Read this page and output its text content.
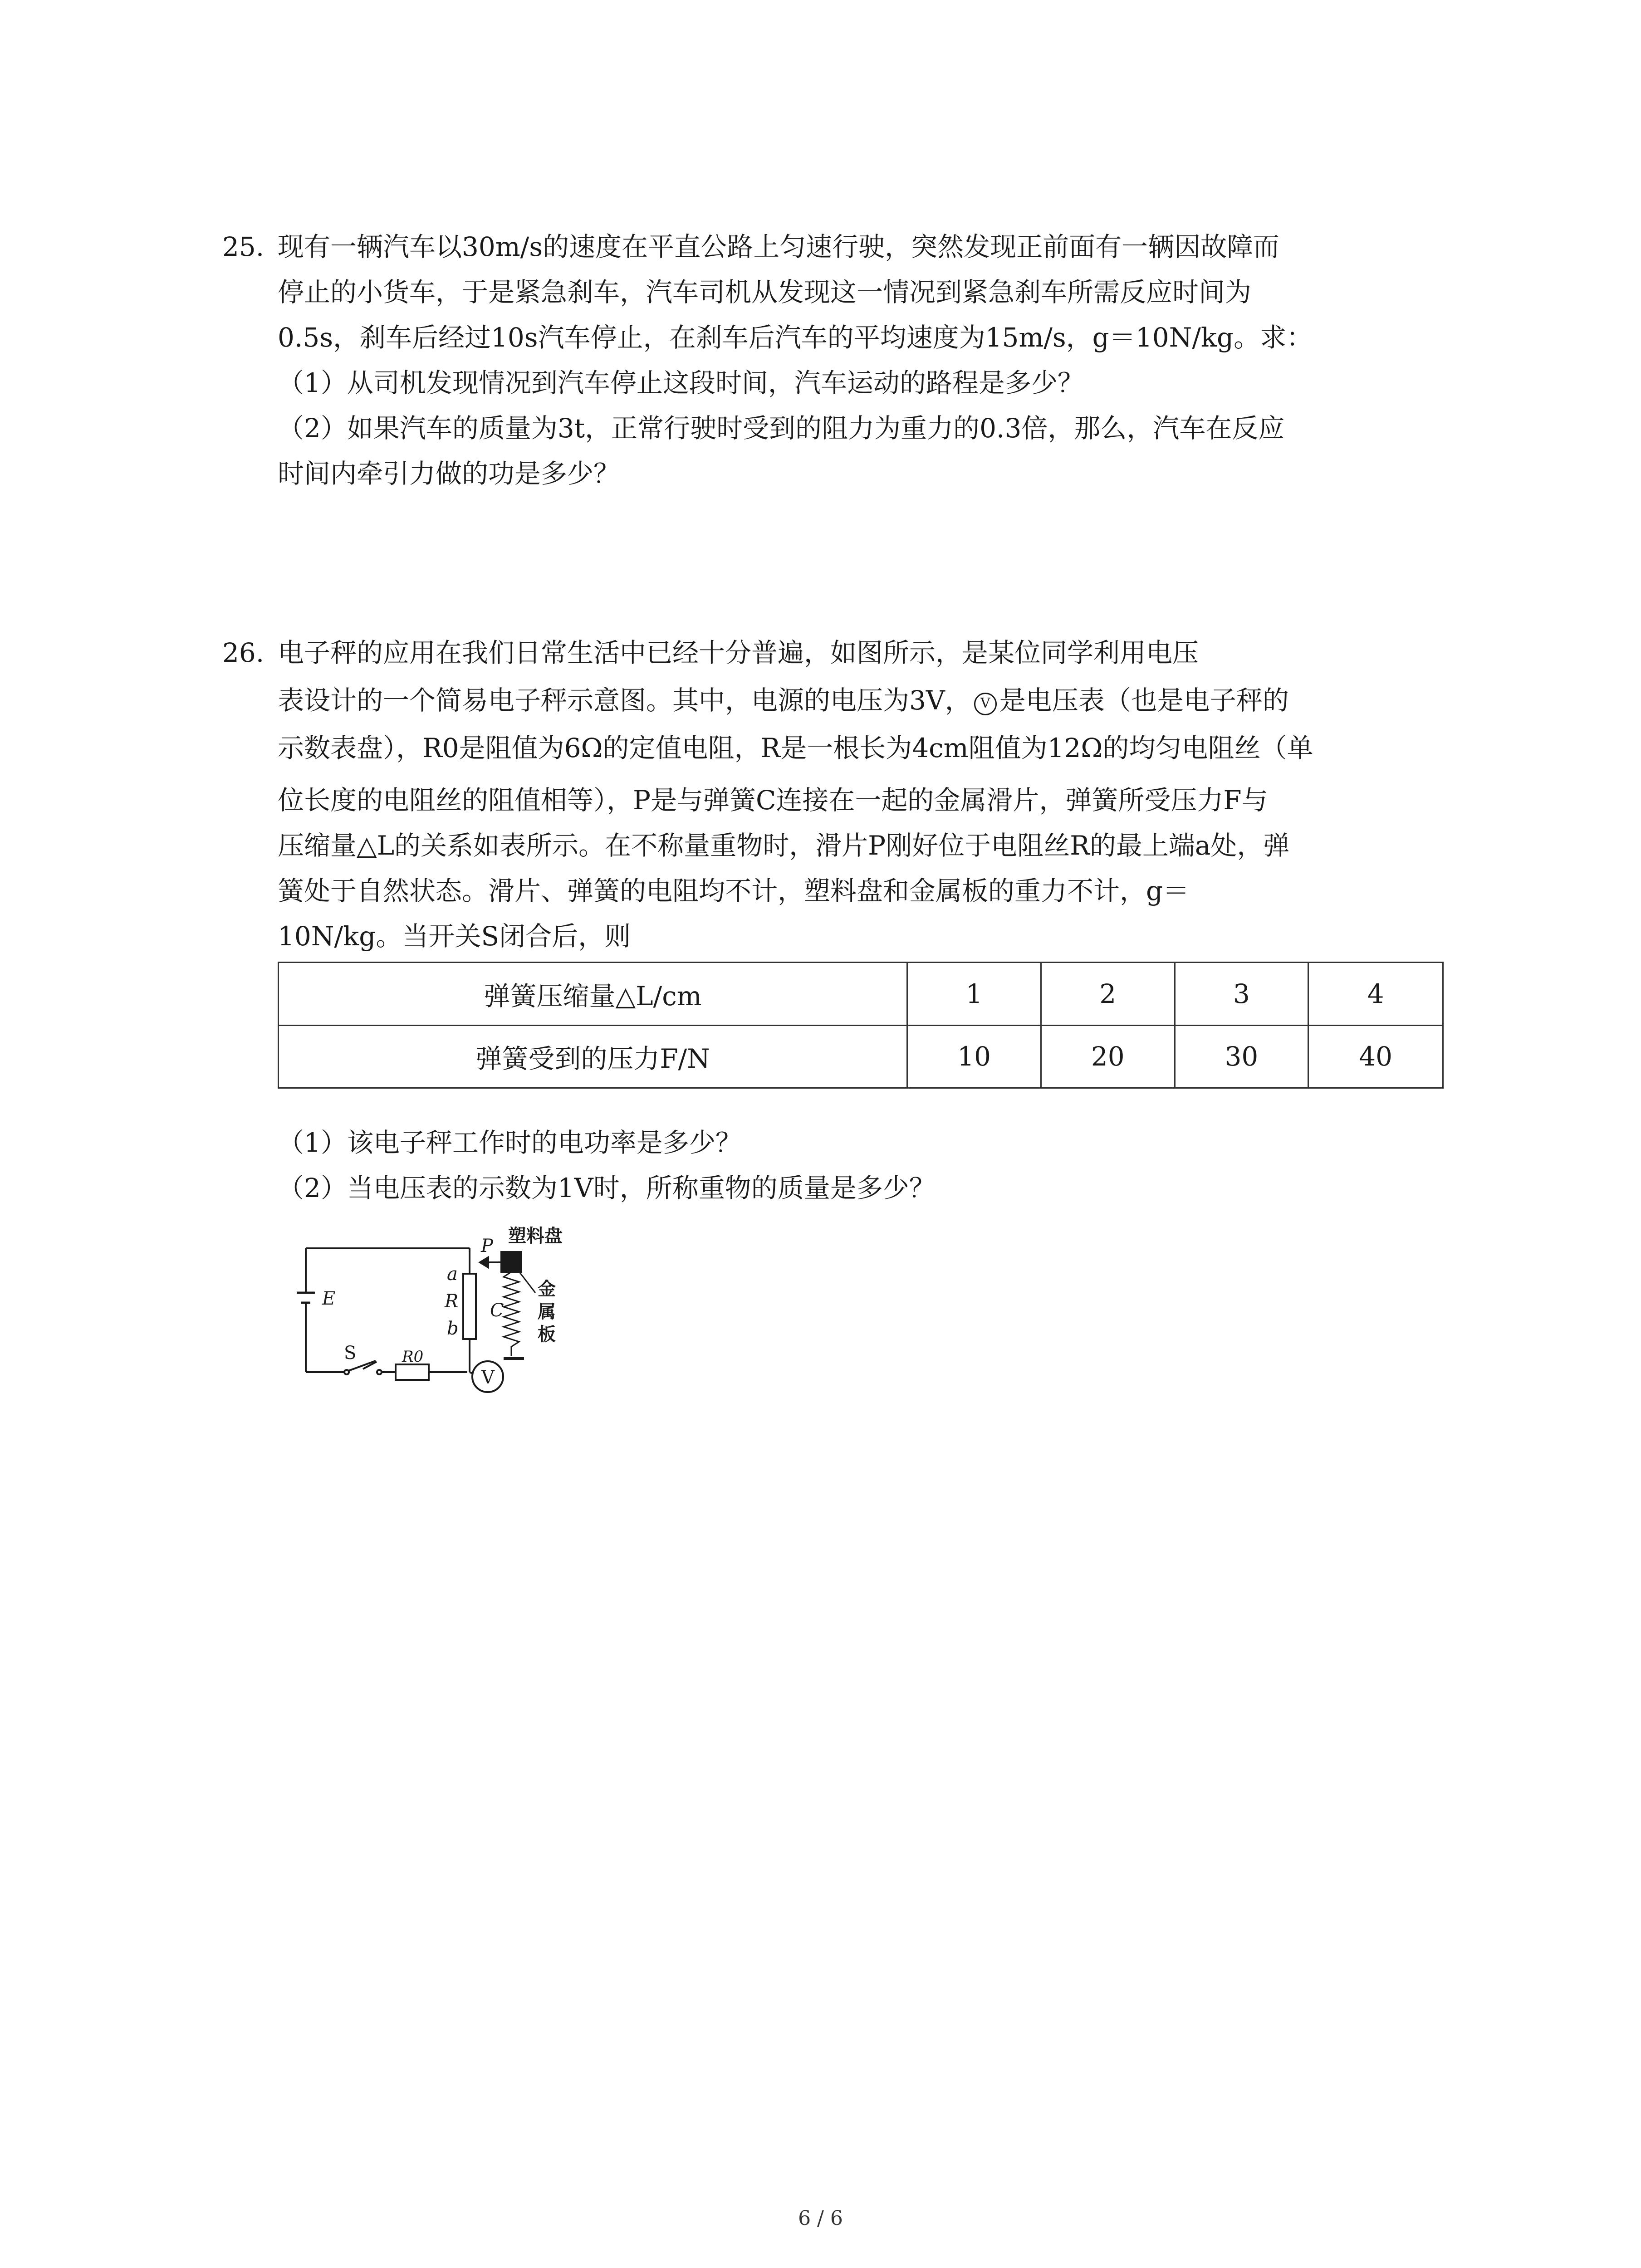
25. 现有一辆汽车以30m/s的速度在平直公路上匀速行驶，突然发现正前面有一辆因故障而
停止的小货车，于是紧急刹车，汽车司机从发现这一情况到紧急刹车所需反应时间为
0.5s，刹车后经过10s汽车停止，在刹车后汽车的平均速度为15m/s，g＝10N/kg。求：
（1）从司机发现情况到汽车停止这段时间，汽车运动的路程是多少？
（2）如果汽车的质量为3t，正常行驶时受到的阻力为重力的0.3倍，那么，汽车在反应
时间内牵引力做的功是多少？
26. 电子秤的应用在我们日常生活中已经十分普遍，如图所示，是某位同学利用电压
表设计的一个简易电子秤示意图。其中，电源的电压为3V， V 是电压表（也是电子秤的
示数表盘），R0是阻值为6Ω的定值电阻，R是一根长为4cm阻值为12Ω的均匀电阻丝（单
位长度的电阻丝的阻值相等），P是与弹簧C连接在一起的金属滑片，弹簧所受压力F与
压缩量△L的关系如表所示。在不称量重物时，滑片P刚好位于电阻丝R的最上端a处，弹
簧处于自然状态。滑片、弹簧的电阻均不计，塑料盘和金属板的重力不计，g＝
10N/kg。当开关S闭合后，则
弹簧压缩量△L/cm	1	2	3	4
弹簧受到的压力F/N	10	20	30	40
（1）该电子秤工作时的电功率是多少？
（2）当电压表的示数为1V时，所称重物的质量是多少？
塑料盘
金
属
板
E
P
a
R
b
C
S	R0
V
6 / 6
